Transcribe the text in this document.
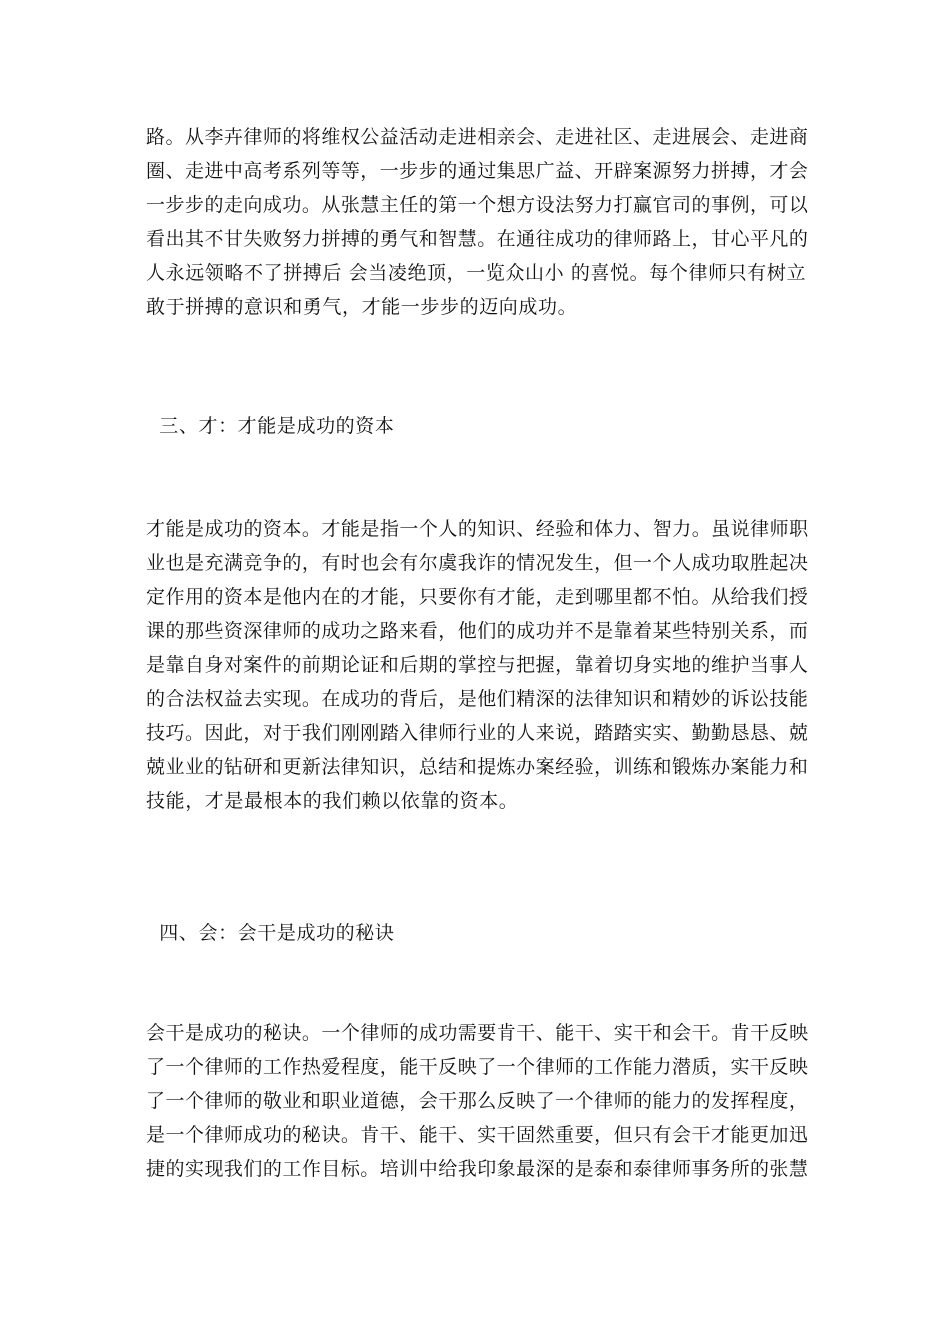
路。从李卉律师的将维权公益活动走进相亲会、走进社区、走进展会、走进商
圈、走进中高考系列等等，一步步的通过集思广益、开辟案源努力拼搏，才会
一步步的走向成功。从张慧主任的第一个想方设法努力打赢官司的事例，可以
看出其不甘失败努力拼搏的勇气和智慧。在通往成功的律师路上，甘心平凡的
人永远领略不了拼搏后 会当凌绝顶，一览众山小 的喜悦。每个律师只有树立
敢于拼搏的意识和勇气，才能一步步的迈向成功。
三、才：才能是成功的资本
才能是成功的资本。才能是指一个人的知识、经验和体力、智力。虽说律师职
业也是充满竞争的，有时也会有尔虞我诈的情况发生，但一个人成功取胜起决
定作用的资本是他内在的才能，只要你有才能，走到哪里都不怕。从给我们授
课的那些资深律师的成功之路来看，他们的成功并不是靠着某些特别关系，而
是靠自身对案件的前期论证和后期的掌控与把握，靠着切身实地的维护当事人
的合法权益去实现。在成功的背后，是他们精深的法律知识和精妙的诉讼技能
技巧。因此，对于我们刚刚踏入律师行业的人来说，踏踏实实、勤勤恳恳、兢
兢业业的钻研和更新法律知识，总结和提炼办案经验，训练和锻炼办案能力和
技能，才是最根本的我们赖以依靠的资本。
四、会：会干是成功的秘诀
会干是成功的秘诀。一个律师的成功需要肯干、能干、实干和会干。肯干反映
了一个律师的工作热爱程度，能干反映了一个律师的工作能力潜质，实干反映
了一个律师的敬业和职业道德，会干那么反映了一个律师的能力的发挥程度，
是一个律师成功的秘诀。肯干、能干、实干固然重要，但只有会干才能更加迅
捷的实现我们的工作目标。培训中给我印象最深的是泰和泰律师事务所的张慧
